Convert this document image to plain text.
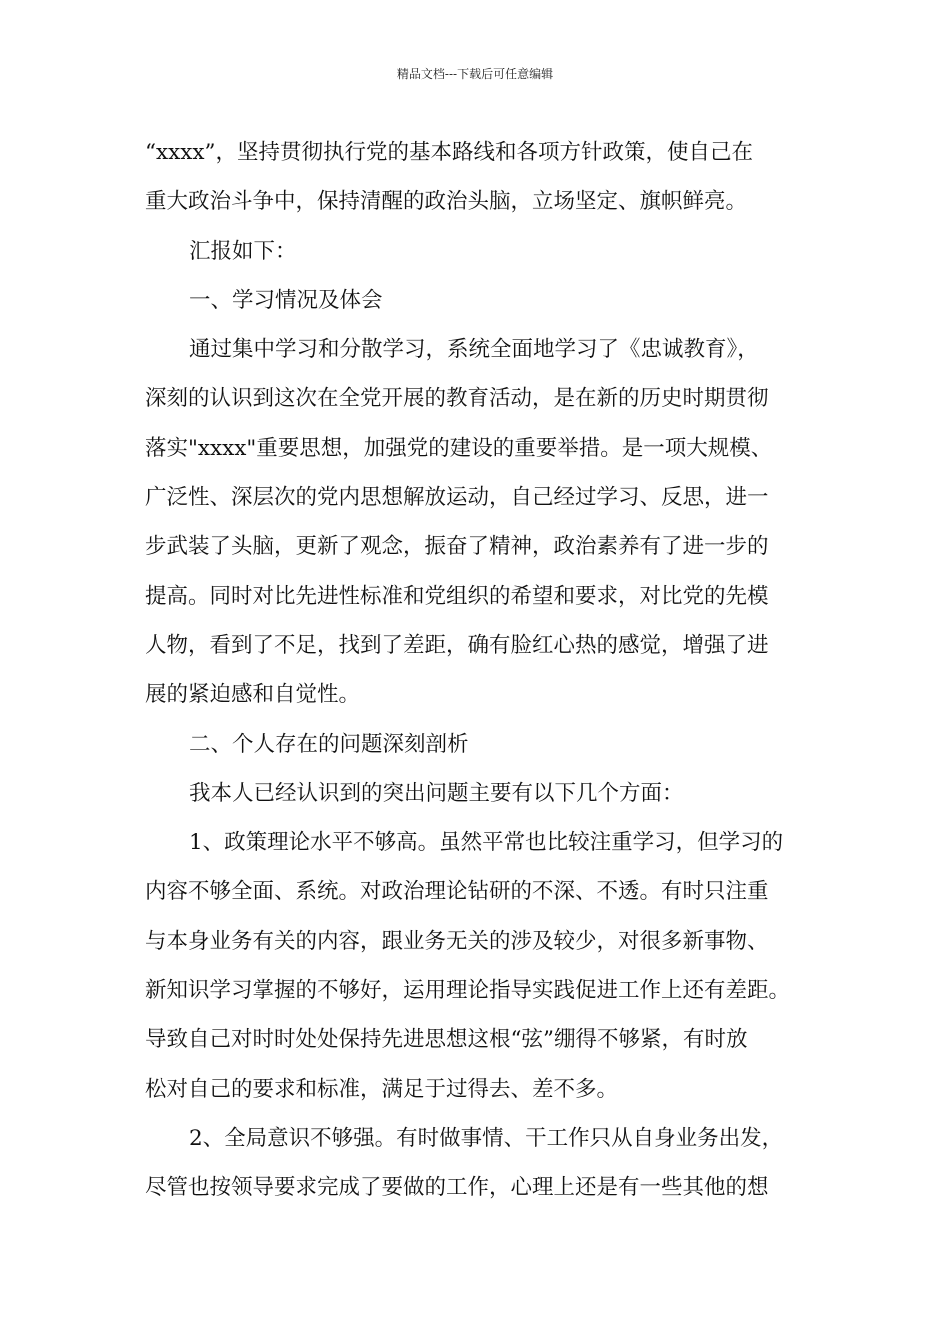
精品文档---下载后可任意编辑
“xxxx”，坚持贯彻执行党的基本路线和各项方针政策，使自己在
重大政治斗争中，保持清醒的政治头脑，立场坚定、旗帜鲜亮。
汇报如下：
一、学习情况及体会
通过集中学习和分散学习，系统全面地学习了《忠诚教育》，
深刻的认识到这次在全党开展的教育活动，是在新的历史时期贯彻
落实"xxxx"重要思想，加强党的建设的重要举措。是一项大规模、
广泛性、深层次的党内思想解放运动，自己经过学习、反思，进一
步武装了头脑，更新了观念，振奋了精神，政治素养有了进一步的
提高。同时对比先进性标准和党组织的希望和要求，对比党的先模
人物，看到了不足，找到了差距，确有脸红心热的感觉，增强了进
展的紧迫感和自觉性。
二、个人存在的问题深刻剖析
我本人已经认识到的突出问题主要有以下几个方面：
1、政策理论水平不够高。虽然平常也比较注重学习，但学习的
内容不够全面、系统。对政治理论钻研的不深、不透。有时只注重
与本身业务有关的内容，跟业务无关的涉及较少，对很多新事物、
新知识学习掌握的不够好，运用理论指导实践促进工作上还有差距。
导致自己对时时处处保持先进思想这根“弦”绷得不够紧，有时放
松对自己的要求和标准，满足于过得去、差不多。
2、全局意识不够强。有时做事情、干工作只从自身业务出发，
尽管也按领导要求完成了要做的工作，心理上还是有一些其他的想
